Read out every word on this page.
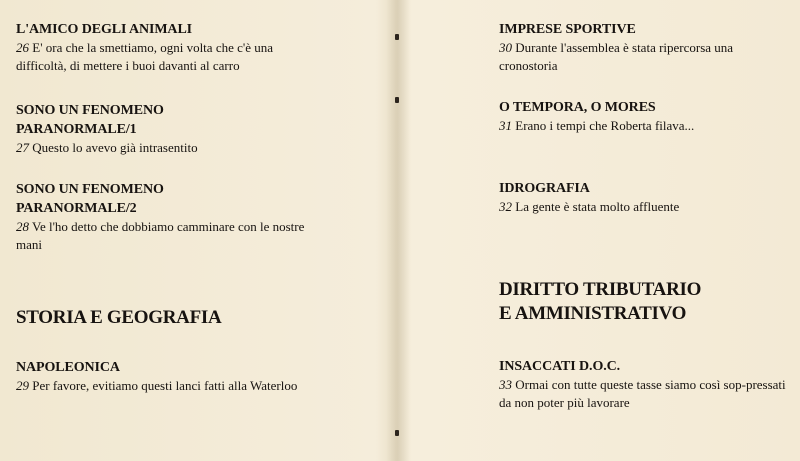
L'AMICO DEGLI ANIMALI
26 E' ora che la smettiamo, ogni volta che c'è una difficoltà, di mettere i buoi davanti al carro
SONO UN FENOMENO
PARANORMALE/1
27 Questo lo avevo già intrasentito
SONO UN FENOMENO
PARANORMALE/2
28 Ve l'ho detto che dobbiamo camminare con le nostre mani
STORIA E GEOGRAFIA
NAPOLEONICA
29 Per favore, evitiamo questi lanci fatti alla Waterloo
IMPRESE SPORTIVE
30 Durante l'assemblea è stata ripercorsa una cronostoria
O TEMPORA, O MORES
31 Erano i tempi che Roberta filava...
IDROGRAFIA
32 La gente è stata molto affluente
DIRITTO TRIBUTARIO
E AMMINISTRATIVO
INSACCATI D.O.C.
33 Ormai con tutte queste tasse siamo così sop-pressati da non poter più lavorare
